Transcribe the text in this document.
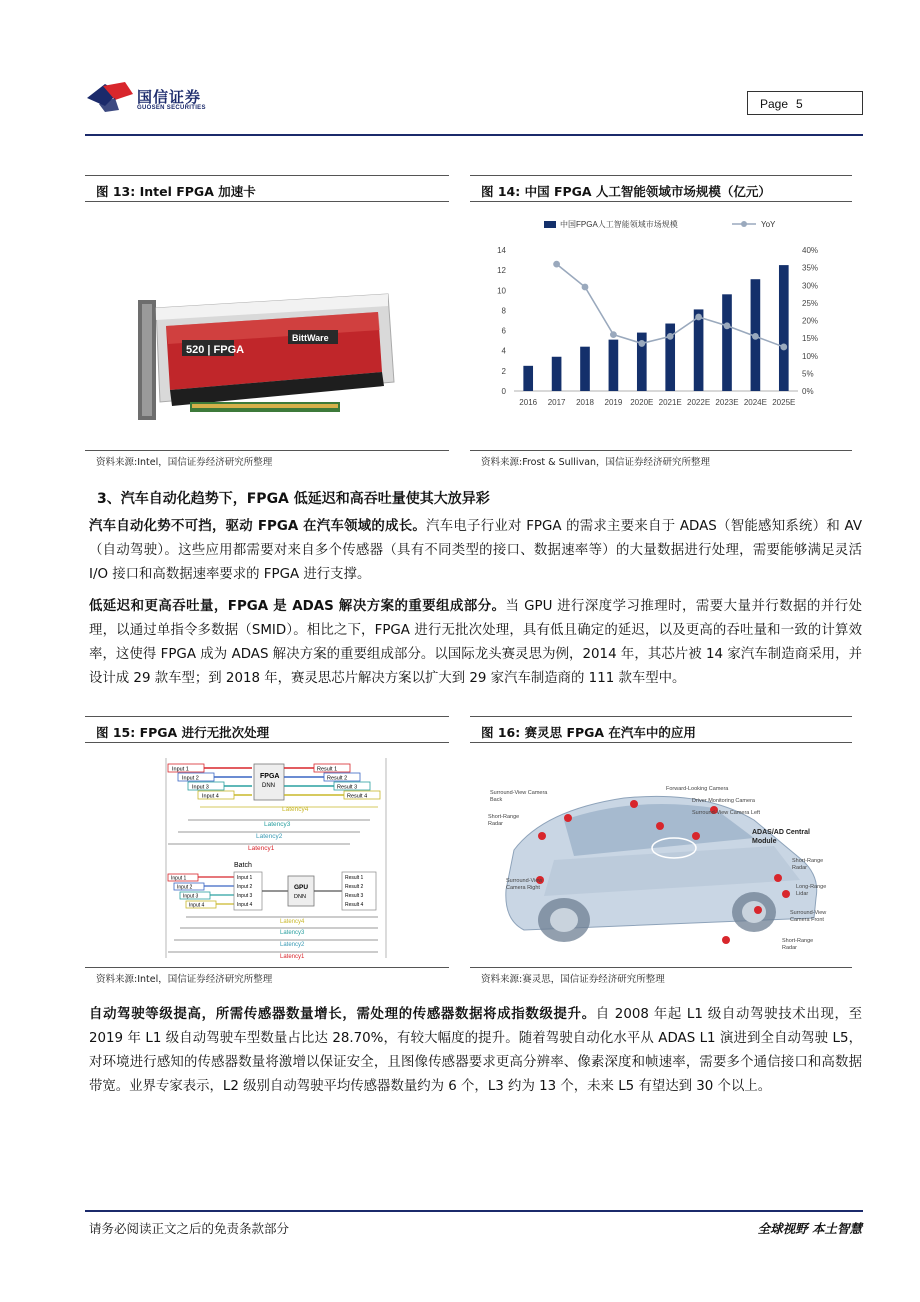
国信证券
GUOSEN SECURITIES	Page 5
图 13: Intel FPGA 加速卡
520 | FPGA
BittWare
资料来源:Intel，国信证券经济研究所整理
图 14: 中国 FPGA 人工智能领域市场规模（亿元）
中国FPGA人工智能领域市场规模	YoY
0
2
4
6
8
10
12
14
0%
5%
10%
15%
20%
25%
30%
35%
40%
2016 2017 2018 2019 2020E 2021E 2022E 2023E 2024E 2025E
资料来源:Frost & Sullivan，国信证券经济研究所整理
3、汽车自动化趋势下，FPGA 低延迟和高吞吐量使其大放异彩
汽车自动化势不可挡，驱动 FPGA 在汽车领域的成长。汽车电子行业对 FPGA 的需求主要来自于 ADAS（智能感知系统）和 AV（自动驾驶）。这些应用都需要对来自多个传感器（具有不同类型的接口、数据速率等）的大量数据进行处理，需要能够满足灵活 I/O 接口和高数据速率要求的 FPGA 进行支撑。
低延迟和更高吞吐量，FPGA 是 ADAS 解决方案的重要组成部分。当 GPU 进行深度学习推理时，需要大量并行数据的并行处理，以通过单指令多数据（SMID）。相比之下，FPGA 进行无批次处理，具有低且确定的延迟，以及更高的吞吐量和一致的计算效率，这使得 FPGA 成为 ADAS 解决方案的重要组成部分。以国际龙头赛灵思为例，2014 年，其芯片被 14 家汽车制造商采用，并设计成 29 款车型；到 2018 年，赛灵思芯片解决方案以扩大到 29 家汽车制造商的 111 款车型中。
图 15: FPGA 进行无批次处理
Input 1
Input 2
Input 3
Input 4
FPGA
DNN
Result 1
Result 2
Result 3
Result 4
Latency4
Latency3
Latency2
Latency1
Batch
Input 1
Input 2
Input 3
Input 4
Input 1
Input 2
Input 3
Input 4
GPU
DNN
Result 1
Result 2
Result 3
Result 4
Latency4
Latency3
Latency2
Latency1
资料来源:Intel，国信证券经济研究所整理
图 16: 赛灵思 FPGA 在汽车中的应用
Surround-View Camera Back
Forward-Looking Camera
Driver Monitoring Camera
Surround-View Camera Left
Short-Range Radar
ADAS/AD Central Module
Short-Range Radar
Long-Range Lidar
Surround-View Camera Right
Surround-View Camera Front
Short-Range Radar
资料来源:赛灵思，国信证券经济研究所整理
自动驾驶等级提高，所需传感器数量增长，需处理的传感器数据将成指数级提升。自 2008 年起 L1 级自动驾驶技术出现，至 2019 年 L1 级自动驾驶车型数量占比达 28.70%，有较大幅度的提升。随着驾驶自动化水平从 ADAS L1 演进到全自动驾驶 L5，对环境进行感知的传感器数量将激增以保证安全，且图像传感器要求更高分辨率、像素深度和帧速率，需要多个通信接口和高数据带宽。业界专家表示，L2 级别自动驾驶平均传感器数量约为 6 个，L3 约为 13 个，未来 L5 有望达到 30 个以上。
请务必阅读正文之后的免责条款部分	全球视野 本土智慧
